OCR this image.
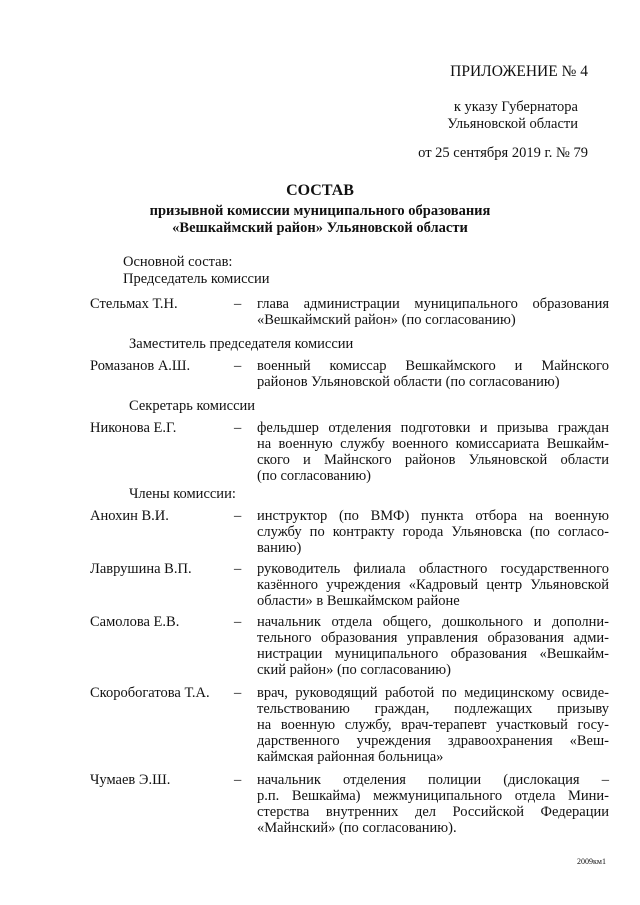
ПРИЛОЖЕНИЕ № 4
к указу Губернатора
Ульяновской области
от 25 сентября 2019 г. № 79
СОСТАВ
призывной комиссии муниципального образования
«Вешкаймский район» Ульяновской области
Основной состав:
Председатель комиссии
Стельмах Т.Н.	– глава администрации муниципального образования
«Вешкаймский район» (по согласованию)
Заместитель председателя комиссии
Ромазанов А.Ш.	– военный комиссар Вешкаймского и Майнского
районов Ульяновской области (по согласованию)
Секретарь комиссии
Никонова Е.Г.	– фельдшер отделения подготовки и призыва граждан
на военную службу военного комиссариата Вешкайм-
ского и Майнского районов Ульяновской области
(по согласованию)
Члены комиссии:
Анохин В.И.	– инструктор (по ВМФ) пункта отбора на военную
службу по контракту города Ульяновска (по согласо-
ванию)
Лаврушина В.П.	– руководитель филиала областного государственного
казённого учреждения «Кадровый центр Ульяновской
области» в Вешкаймском районе
Самолова Е.В.	– начальник отдела общего, дошкольного и дополни-
тельного образования управления образования адми-
нистрации муниципального образования «Вешкайм-
ский район» (по согласованию)
Скоробогатова Т.А. – врач, руководящий работой по медицинскому освиде-
тельствованию граждан, подлежащих призыву
на военную службу, врач-терапевт участковый госу-
дарственного учреждения здравоохранения «Веш-
каймская районная больница»
Чумаев Э.Ш.	– начальник отделения полиции (дислокация –
р.п. Вешкайма) межмуниципального отдела Мини-
стерства внутренних дел Российской Федерации
«Майнский» (по согласованию).
2009км1
